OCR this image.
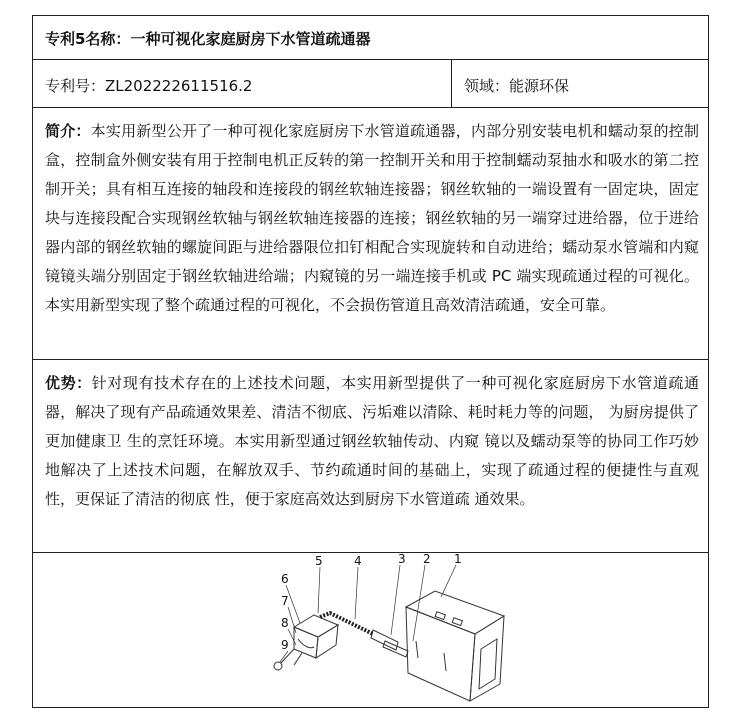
专利5名称：一种可视化家庭厨房下水管道疏通器
专利号：ZL202222611516.2	领域：能源环保

简介：本实用新型公开了一种可视化家庭厨房下水管道疏通器，内部分别安装电机和蠕动泵的控制盒，控制盒外侧安装有用于控制电机正反转的第一控制开关和用于控制蠕动泵抽水和吸水的第二控制开关；具有相互连接的轴段和连接段的钢丝软轴连接器；钢丝软轴的一端设置有一固定块，固定块与连接段配合实现钢丝软轴与钢丝软轴连接器的连接；钢丝软轴的另一端穿过进给器，位于进给器内部的钢丝软轴的螺旋间距与进给器限位扣钉相配合实现旋转和自动进给；蠕动泵水管端和内窥镜镜头端分别固定于钢丝软轴进给端；内窥镜的另一端连接手机或 PC 端实现疏通过程的可视化。本实用新型实现了整个疏通过程的可视化，不会损伤管道且高效清洁疏通，安全可靠。

优势：针对现有技术存在的上述技术问题，本实用新型提供了一种可视化家庭厨房下水管道疏通器，解决了现有产品疏通效果差、清洁不彻底、污垢难以清除、耗时耗力等的问题， 为厨房提供了更加健康卫 生的烹饪环境。本实用新型通过钢丝软轴传动、内窥 镜以及蠕动泵等的协同工作巧妙地解决了上述技术问题，在解放双手、节约疏通时间的基础上，实现了疏通过程的便捷性与直观性，更保证了清洁的彻底 性，便于家庭高效达到厨房下水管道疏 通效果。

1
2
3
4
5
6
7
8
9
